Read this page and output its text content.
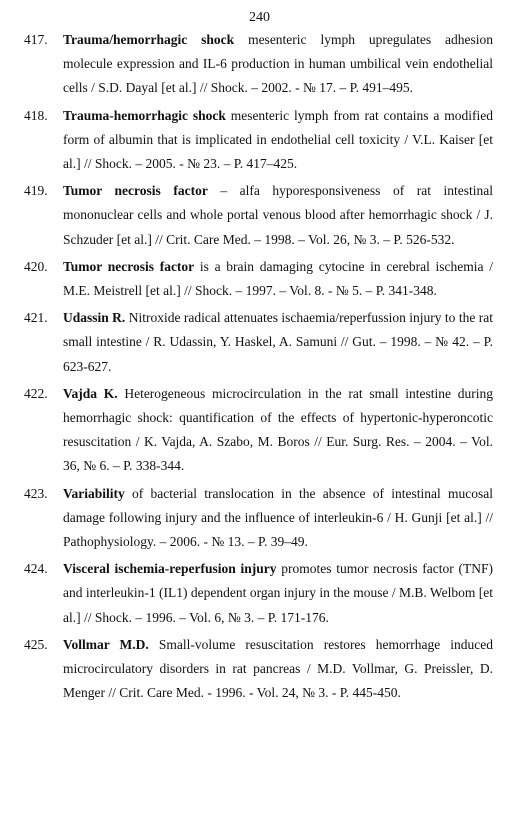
240
417. Trauma/hemorrhagic shock mesenteric lymph upregulates adhesion molecule expression and IL-6 production in human umbilical vein endothelial cells / S.D. Dayal [et al.] // Shock. – 2002. - № 17. – P. 491–495.
418. Trauma-hemorrhagic shock mesenteric lymph from rat contains a modified form of albumin that is implicated in endothelial cell toxicity / V.L. Kaiser [et al.] // Shock. – 2005. - № 23. – P. 417–425.
419. Tumor necrosis factor – alfa hyporesponsiveness of rat intestinal mononuclear cells and whole portal venous blood after hemorrhagic shock / J. Schzuder [et al.] // Crit. Care Med. – 1998. – Vol. 26, № 3. – P. 526-532.
420. Tumor necrosis factor is a brain damaging cytocine in cerebral ischemia / M.E. Meistrell [et al.] // Shock. – 1997. – Vol. 8. - № 5. – P. 341-348.
421. Udassin R. Nitroxide radical attenuates ischaemia/reperfussion injury to the rat small intestine / R. Udassin, Y. Haskel, A. Samuni // Gut. – 1998. – № 42. – P. 623-627.
422. Vajda K. Heterogeneous microcirculation in the rat small intestine during hemorrhagic shock: quantification of the effects of hypertonic-hyperoncotic resuscitation / K. Vajda, A. Szabo, M. Boros // Eur. Surg. Res. – 2004. – Vol. 36, № 6. – P. 338-344.
423. Variability of bacterial translocation in the absence of intestinal mucosal damage following injury and the influence of interleukin-6 / H. Gunji [et al.] // Pathophysiology. – 2006. - № 13. – P. 39–49.
424. Visceral ischemia-reperfusion injury promotes tumor necrosis factor (TNF) and interleukin-1 (IL1) dependent organ injury in the mouse / M.B. Welbom [et al.] // Shock. – 1996. – Vol. 6, № 3. – P. 171-176.
425. Vollmar M.D. Small-volume resuscitation restores hemorrhage induced microcirculatory disorders in rat pancreas / M.D. Vollmar, G. Preissler, D. Menger // Crit. Care Med. - 1996. - Vol. 24, № 3. - P. 445-450.
